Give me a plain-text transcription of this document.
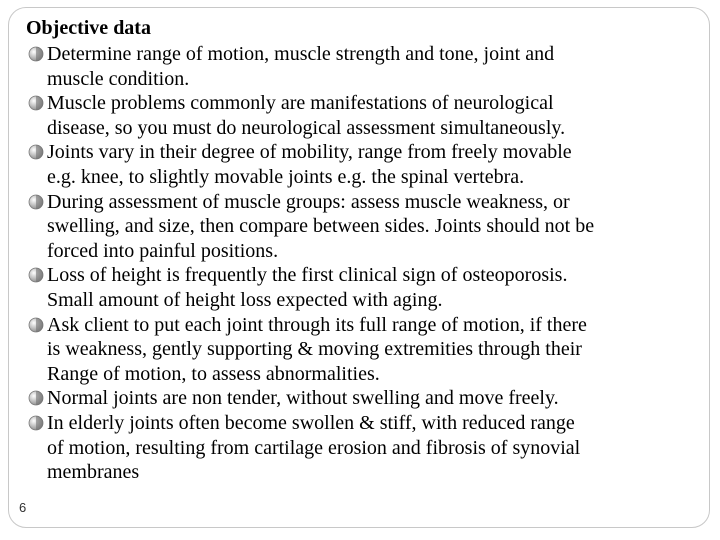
Objective data
Determine range of motion, muscle strength and tone, joint and
muscle condition.
Muscle problems commonly are manifestations of neurological
disease, so you must do neurological assessment simultaneously.
Joints vary in their degree of mobility, range from freely movable
e.g. knee, to slightly movable joints e.g. the spinal vertebra.
During assessment of muscle groups: assess muscle weakness, or
swelling, and size, then compare between sides. Joints should not be
forced into painful positions.
Loss of height is frequently the first clinical sign of osteoporosis.
Small amount of height loss expected with aging.
Ask client to put each joint through its full range of motion, if there
is weakness, gently supporting & moving extremities through their
Range of motion, to assess abnormalities.
Normal joints are non tender, without swelling and move freely.
In elderly joints often become swollen & stiff, with reduced range
of motion, resulting from cartilage erosion and fibrosis of synovial
membranes
6
